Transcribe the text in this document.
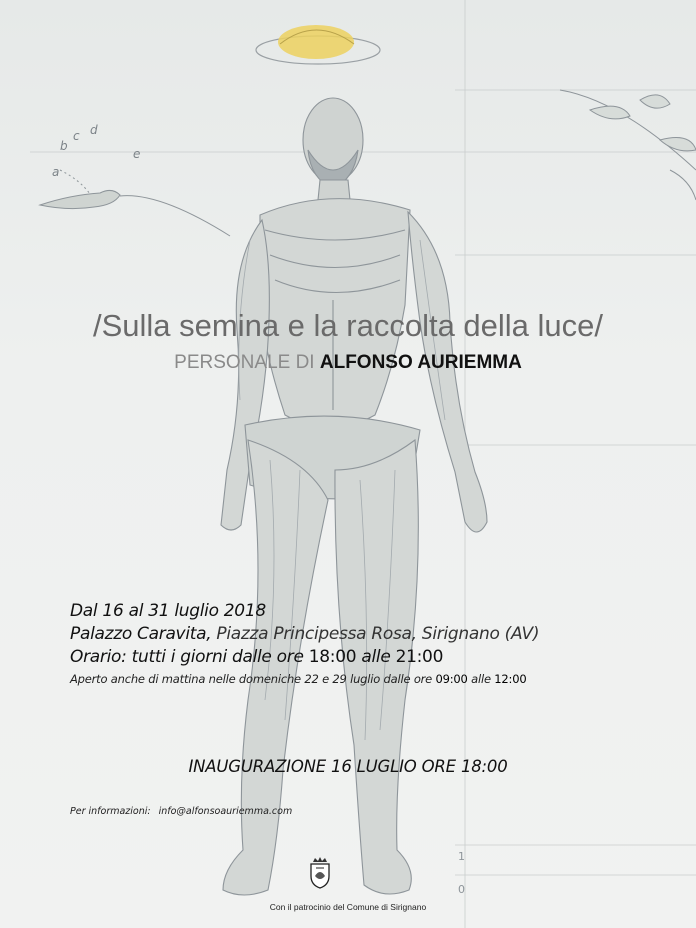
a
b
c d
e
1
0
/Sulla semina e la raccolta della luce/
PERSONALE DI ALFONSO AURIEMMA
Dal 16 al 31 luglio 2018
Palazzo Caravita, Piazza Principessa Rosa, Sirignano (AV)
Orario: tutti i giorni dalle ore 18:00 alle 21:00
Aperto anche di mattina nelle domeniche 22 e 29 luglio dalle ore 09:00 alle 12:00
INAUGURAZIONE 16 LUGLIO ORE 18:00
Per informazioni: info@alfonsoauriemma.com
Con il patrocinio del Comune di Sirignano
